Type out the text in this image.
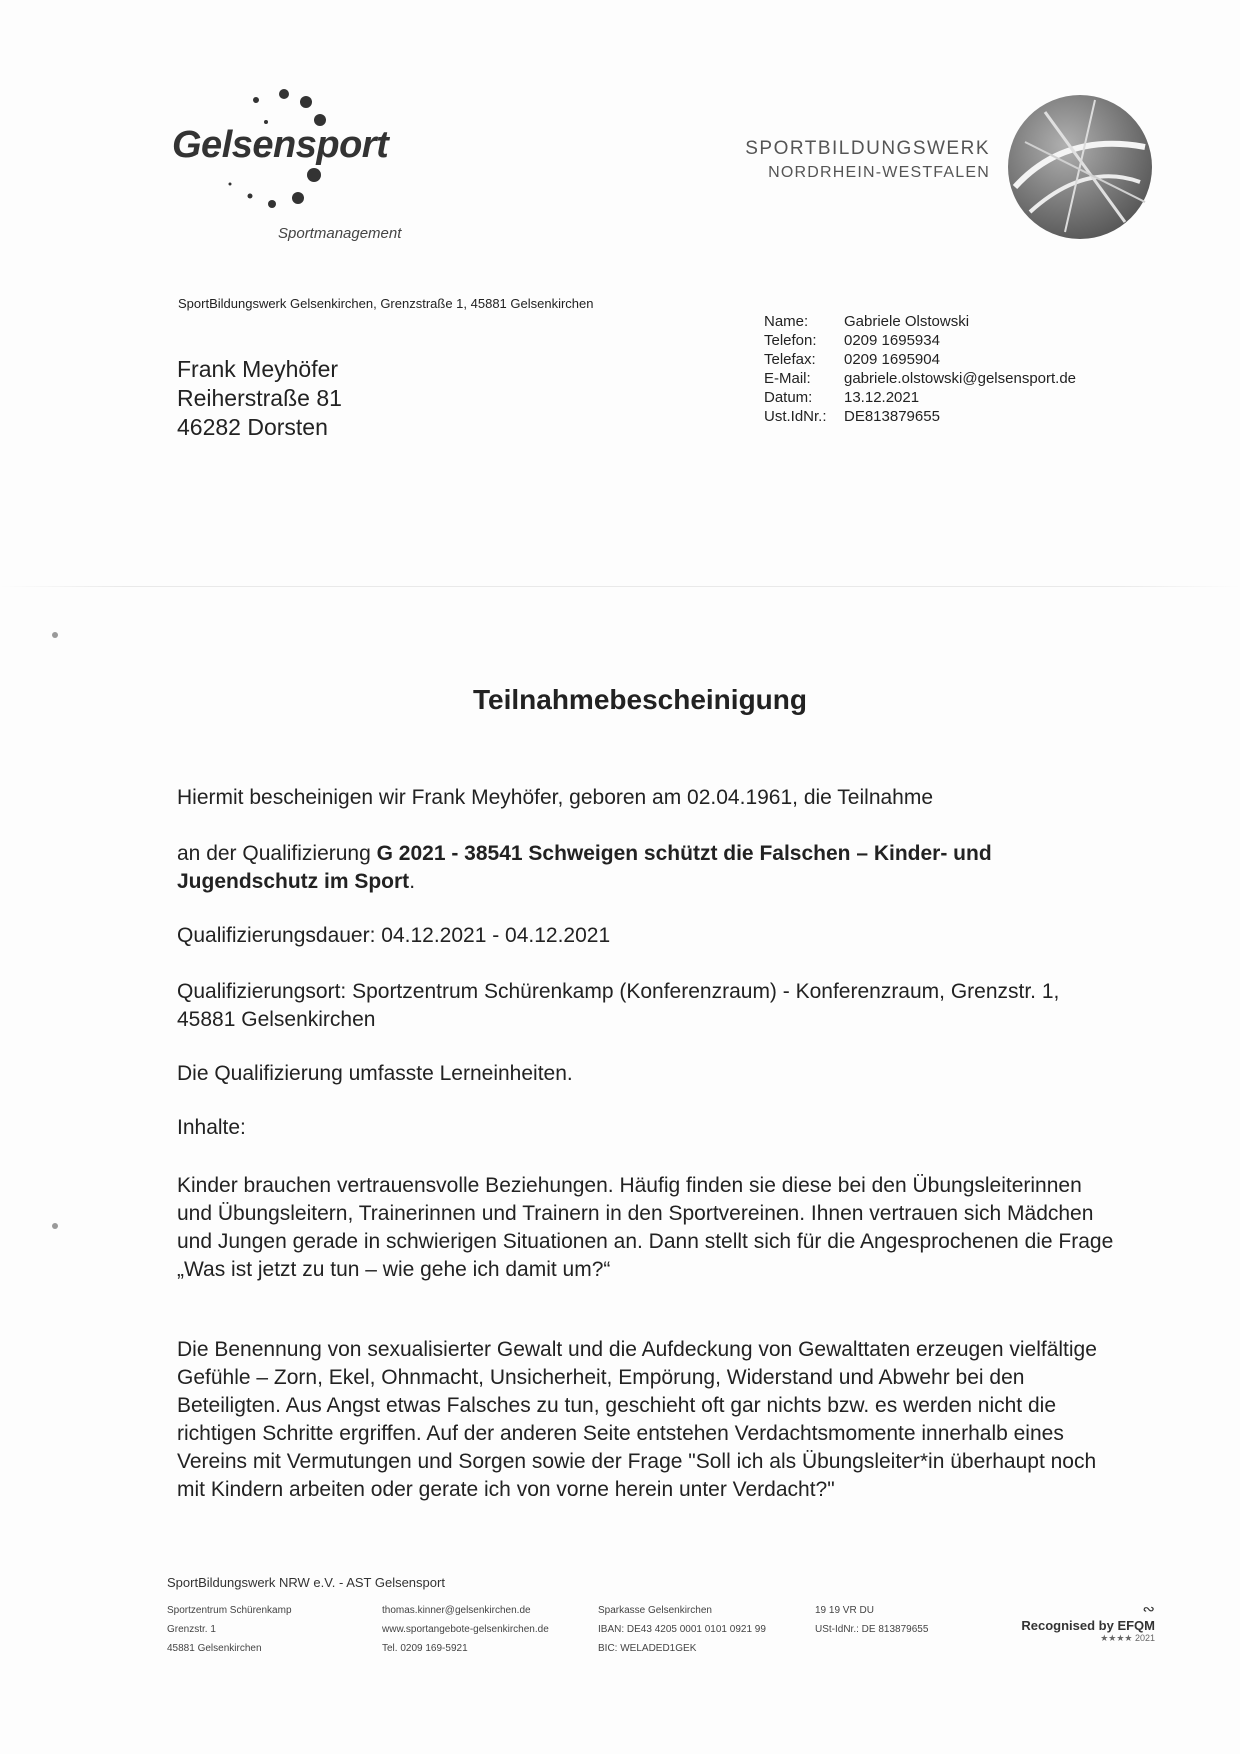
Gelsensport
Sportmanagement
SPORTBILDUNGSWERK
NORDRHEIN-WESTFALEN
SportBildungswerk Gelsenkirchen, Grenzstraße 1, 45881 Gelsenkirchen
Frank Meyhöfer
Reiherstraße 81
46282 Dorsten
Name:	Gabriele Olstowski
Telefon:	0209 1695934
Telefax:	0209 1695904
E-Mail:	gabriele.olstowski@gelsensport.de
Datum:	13.12.2021
Ust.IdNr.:	DE813879655
Teilnahmebescheinigung

Hiermit bescheinigen wir Frank Meyhöfer, geboren am 02.04.1961, die Teilnahme

an der Qualifizierung G 2021 - 38541 Schweigen schützt die Falschen – Kinder- und Jugendschutz im Sport.

Qualifizierungsdauer: 04.12.2021 - 04.12.2021

Qualifizierungsort: Sportzentrum Schürenkamp (Konferenzraum) - Konferenzraum, Grenzstr. 1, 45881 Gelsenkirchen

Die Qualifizierung umfasste Lerneinheiten.

Inhalte:

Kinder brauchen vertrauensvolle Beziehungen. Häufig finden sie diese bei den Übungsleiterinnen und Übungsleitern, Trainerinnen und Trainern in den Sportvereinen. Ihnen vertrauen sich Mädchen und Jungen gerade in schwierigen Situationen an. Dann stellt sich für die Angesprochenen die Frage „Was ist jetzt zu tun – wie gehe ich damit um?“

Die Benennung von sexualisierter Gewalt und die Aufdeckung von Gewalttaten erzeugen vielfältige Gefühle – Zorn, Ekel, Ohnmacht, Unsicherheit, Empörung, Widerstand und Abwehr bei den Beteiligten. Aus Angst etwas Falsches zu tun, geschieht oft gar nichts bzw. es werden nicht die richtigen Schritte ergriffen. Auf der anderen Seite entstehen Verdachtsmomente innerhalb eines Vereins mit Vermutungen und Sorgen sowie der Frage "Soll ich als Übungsleiter*in überhaupt noch mit Kindern arbeiten oder gerate ich von vorne herein unter Verdacht?"

SportBildungswerk NRW e.V. - AST Gelsensport
Sportzentrum Schürenkamp
Grenzstr. 1
45881 Gelsenkirchen
thomas.kinner@gelsenkirchen.de
www.sportangebote-gelsenkirchen.de
Tel. 0209 169-5921
Sparkasse Gelsenkirchen
IBAN: DE43 4205 0001 0101 0921 99
BIC: WELADED1GEK
19 19 VR DU
USt-IdNr.: DE 813879655
∾
Recognised by EFQM
★★★★ 2021
